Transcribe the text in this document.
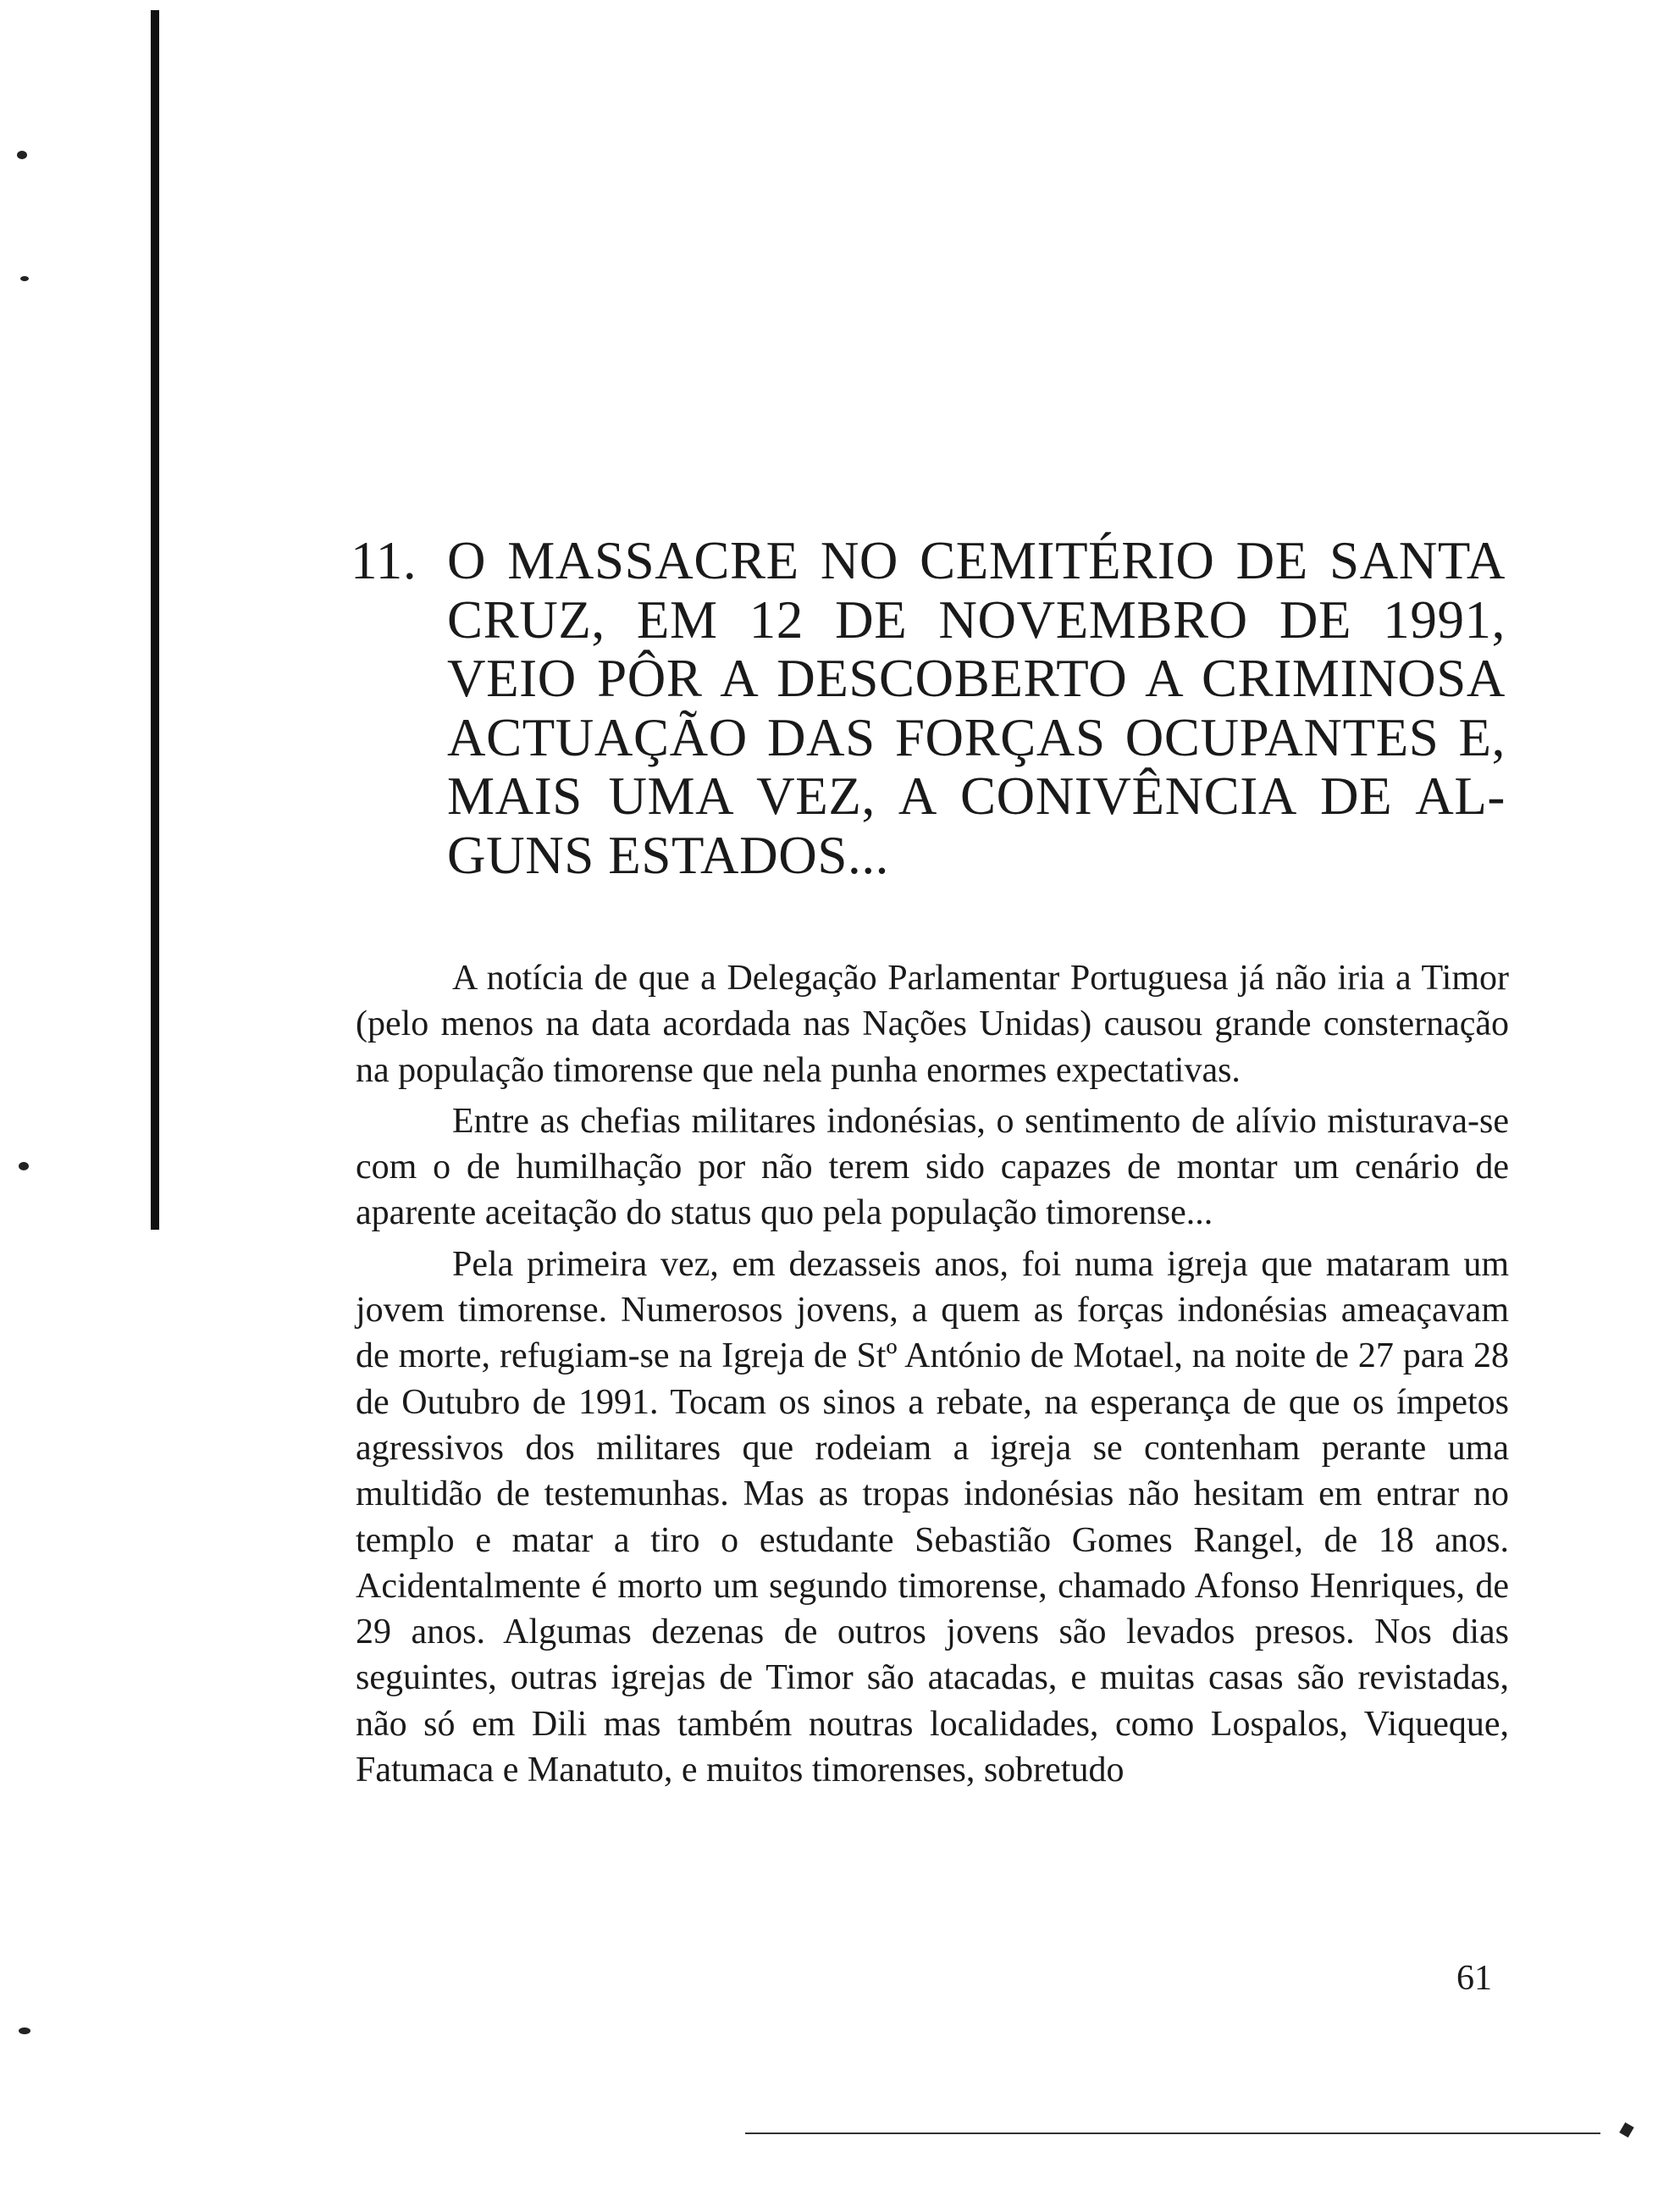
11. O MASSACRE NO CEMITÉRIO DE SANTA CRUZ, EM 12 DE NOVEMBRO DE 1991, VEIO PÔR A DESCOBERTO A CRIMINOSA ACTUAÇÃO DAS FORÇAS OCUPANTES E, MAIS UMA VEZ, A CONIVÊNCIA DE AL-GUNS ESTADOS...

A notícia de que a Delegação Parlamentar Portuguesa já não iria a Timor (pelo menos na data acordada nas Nações Unidas) causou grande consternação na população timorense que nela punha enormes expectativas.

Entre as chefias militares indonésias, o sentimento de alívio misturava-se com o de humilhação por não terem sido capazes de montar um cenário de aparente aceitação do status quo pela população timorense...

Pela primeira vez, em dezasseis anos, foi numa igreja que mataram um jovem timorense. Numerosos jovens, a quem as forças indonésias ameaçavam de morte, refugiam-se na Igreja de Stº António de Motael, na noite de 27 para 28 de Outubro de 1991. Tocam os sinos a rebate, na esperança de que os ímpetos agressivos dos militares que rodeiam a igreja se contenham perante uma multidão de testemunhas. Mas as tropas indonésias não hesitam em entrar no templo e matar a tiro o estudante Sebastião Gomes Rangel, de 18 anos. Acidentalmente é morto um segundo timorense, chamado Afonso Henriques, de 29 anos. Algumas dezenas de outros jovens são levados presos. Nos dias seguintes, outras igrejas de Timor são atacadas, e muitas casas são revistadas, não só em Dili mas também noutras localidades, como Lospalos, Viqueque, Fatumaca e Manatuto, e muitos timorenses, sobretudo

61
